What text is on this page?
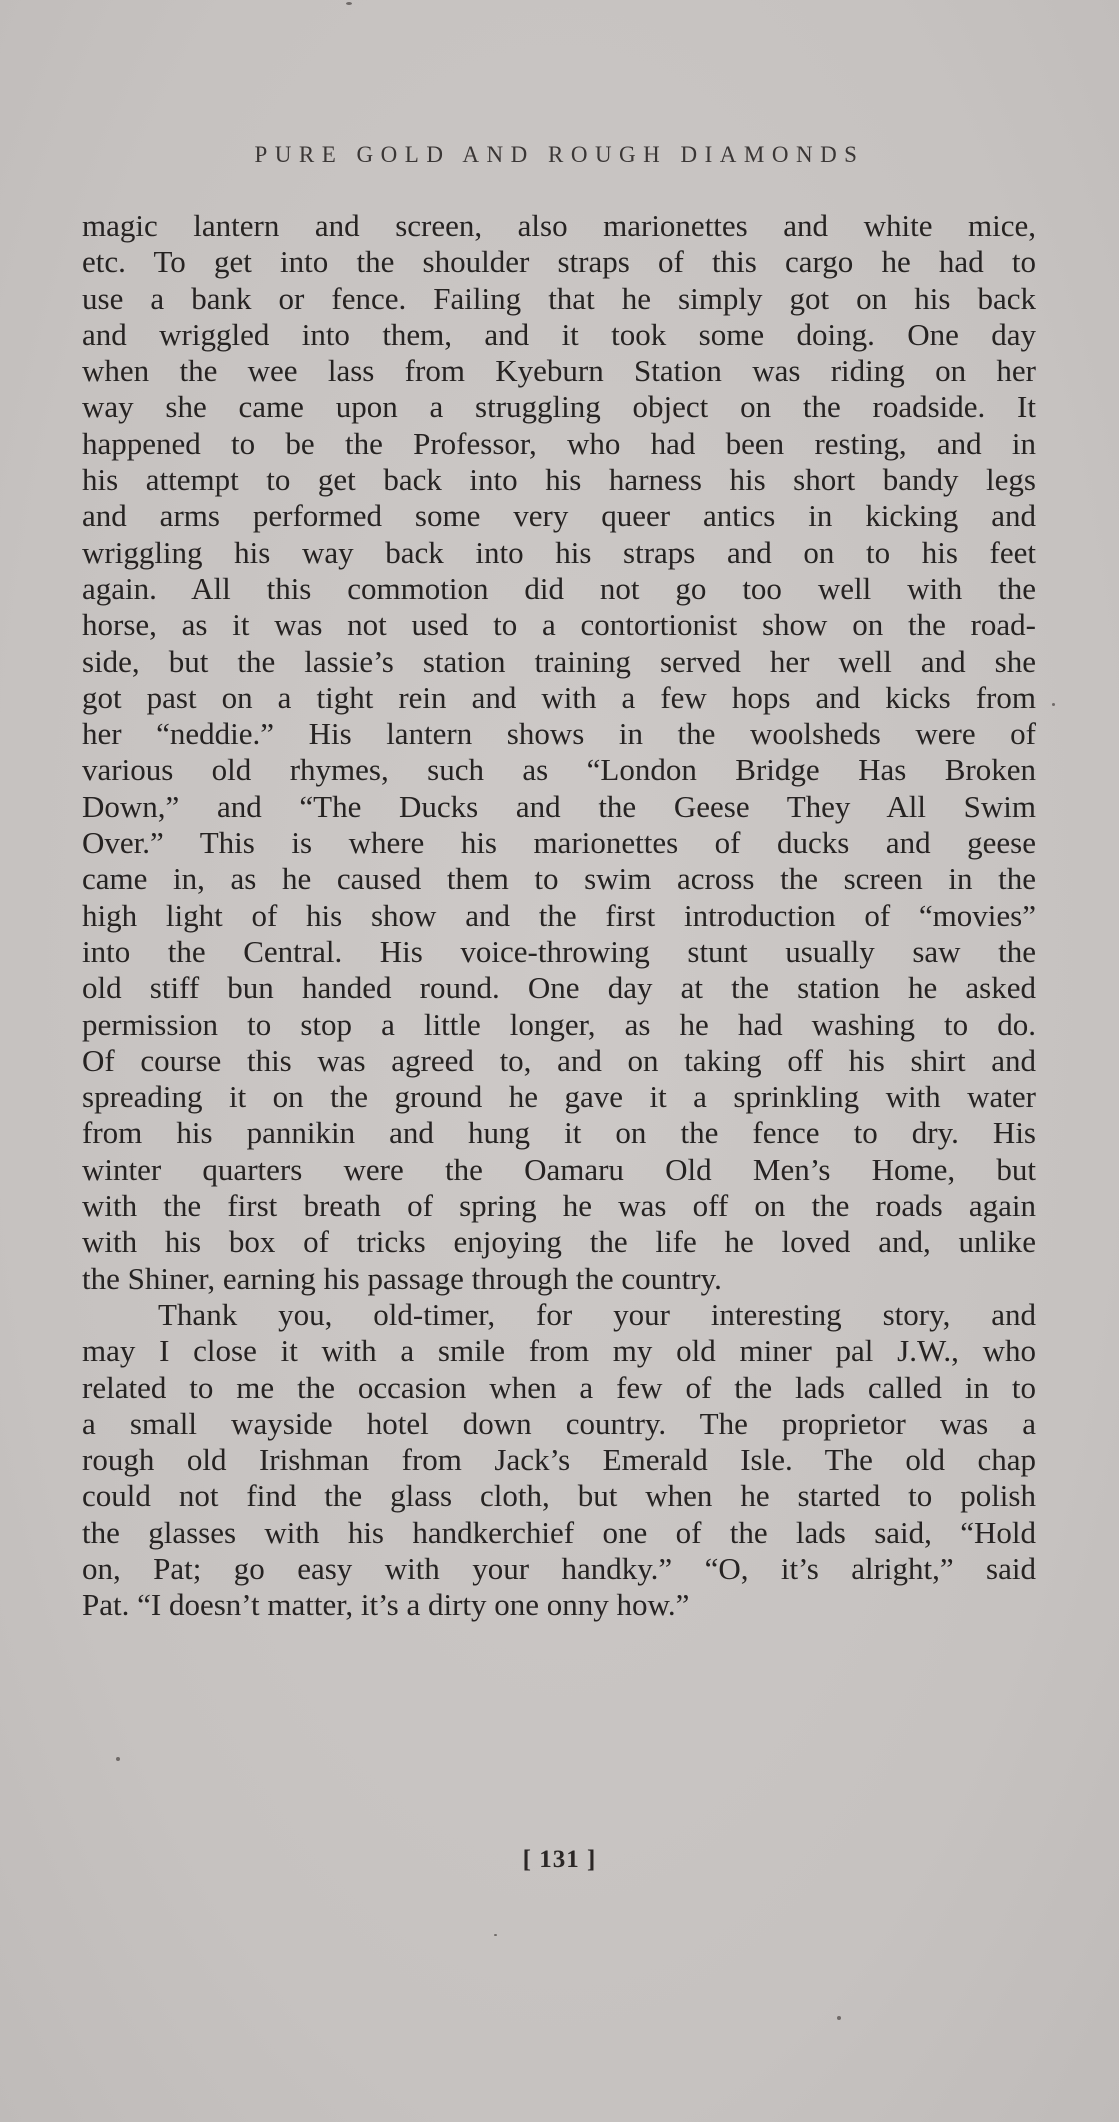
PURE GOLD AND ROUGH DIAMONDS
magic lantern and screen, also marionettes and white mice,
etc. To get into the shoulder straps of this cargo he had to
use a bank or fence. Failing that he simply got on his back
and wriggled into them, and it took some doing. One day
when the wee lass from Kyeburn Station was riding on her
way she came upon a struggling object on the roadside. It
happened to be the Professor, who had been resting, and in
his attempt to get back into his harness his short bandy legs
and arms performed some very queer antics in kicking and
wriggling his way back into his straps and on to his feet
again. All this commotion did not go too well with the
horse, as it was not used to a contortionist show on the road-
side, but the lassie’s station training served her well and she
got past on a tight rein and with a few hops and kicks from
her “neddie.” His lantern shows in the woolsheds were of
various old rhymes, such as “London Bridge Has Broken
Down,” and “The Ducks and the Geese They All Swim
Over.” This is where his marionettes of ducks and geese
came in, as he caused them to swim across the screen in the
high light of his show and the first introduction of “movies”
into the Central. His voice-throwing stunt usually saw the
old stiff bun handed round. One day at the station he asked
permission to stop a little longer, as he had washing to do.
Of course this was agreed to, and on taking off his shirt and
spreading it on the ground he gave it a sprinkling with water
from his pannikin and hung it on the fence to dry. His
winter quarters were the Oamaru Old Men’s Home, but
with the first breath of spring he was off on the roads again
with his box of tricks enjoying the life he loved and, unlike
the Shiner, earning his passage through the country.
Thank you, old-timer, for your interesting story, and
may I close it with a smile from my old miner pal J.W., who
related to me the occasion when a few of the lads called in to
a small wayside hotel down country. The proprietor was a
rough old Irishman from Jack’s Emerald Isle. The old chap
could not find the glass cloth, but when he started to polish
the glasses with his handkerchief one of the lads said, “Hold
on, Pat; go easy with your handky.” “O, it’s alright,” said
Pat. “I doesn’t matter, it’s a dirty one onny how.”
[ 131 ]
